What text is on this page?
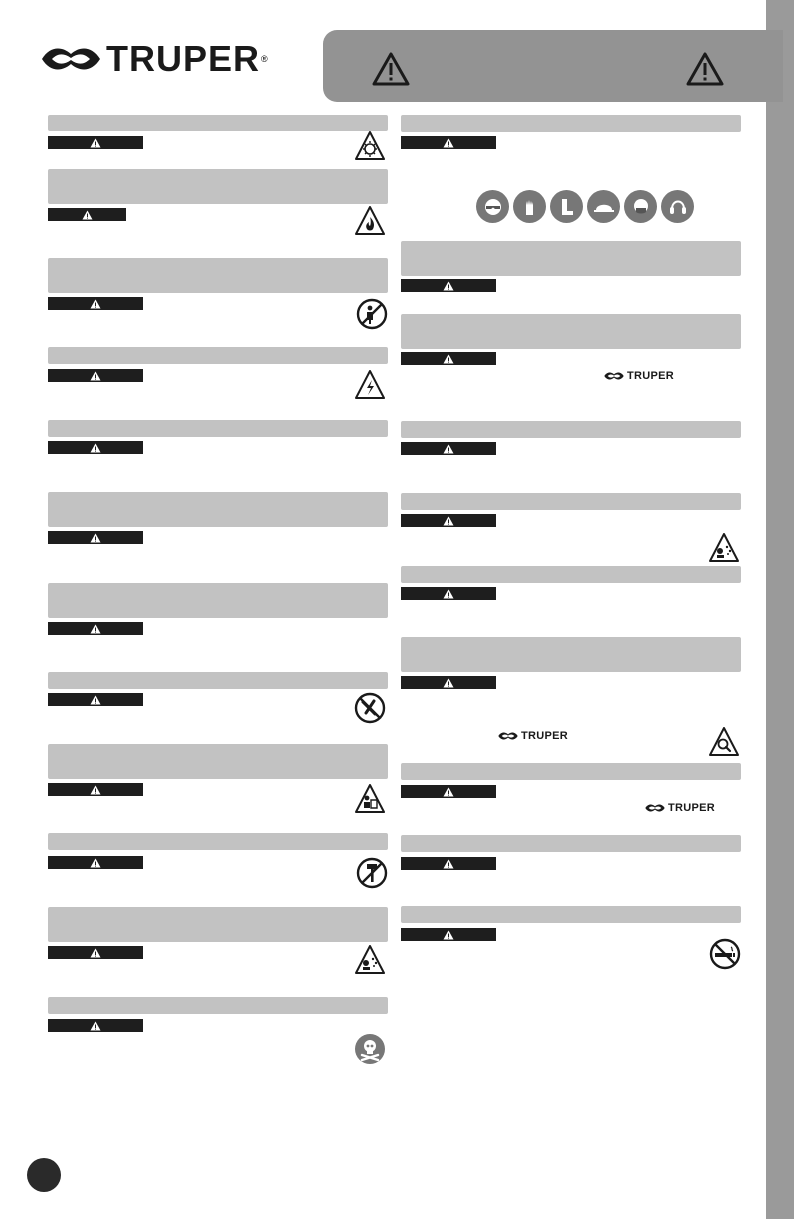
TRUPER ®
TRUPER
TRUPER
TRUPER
